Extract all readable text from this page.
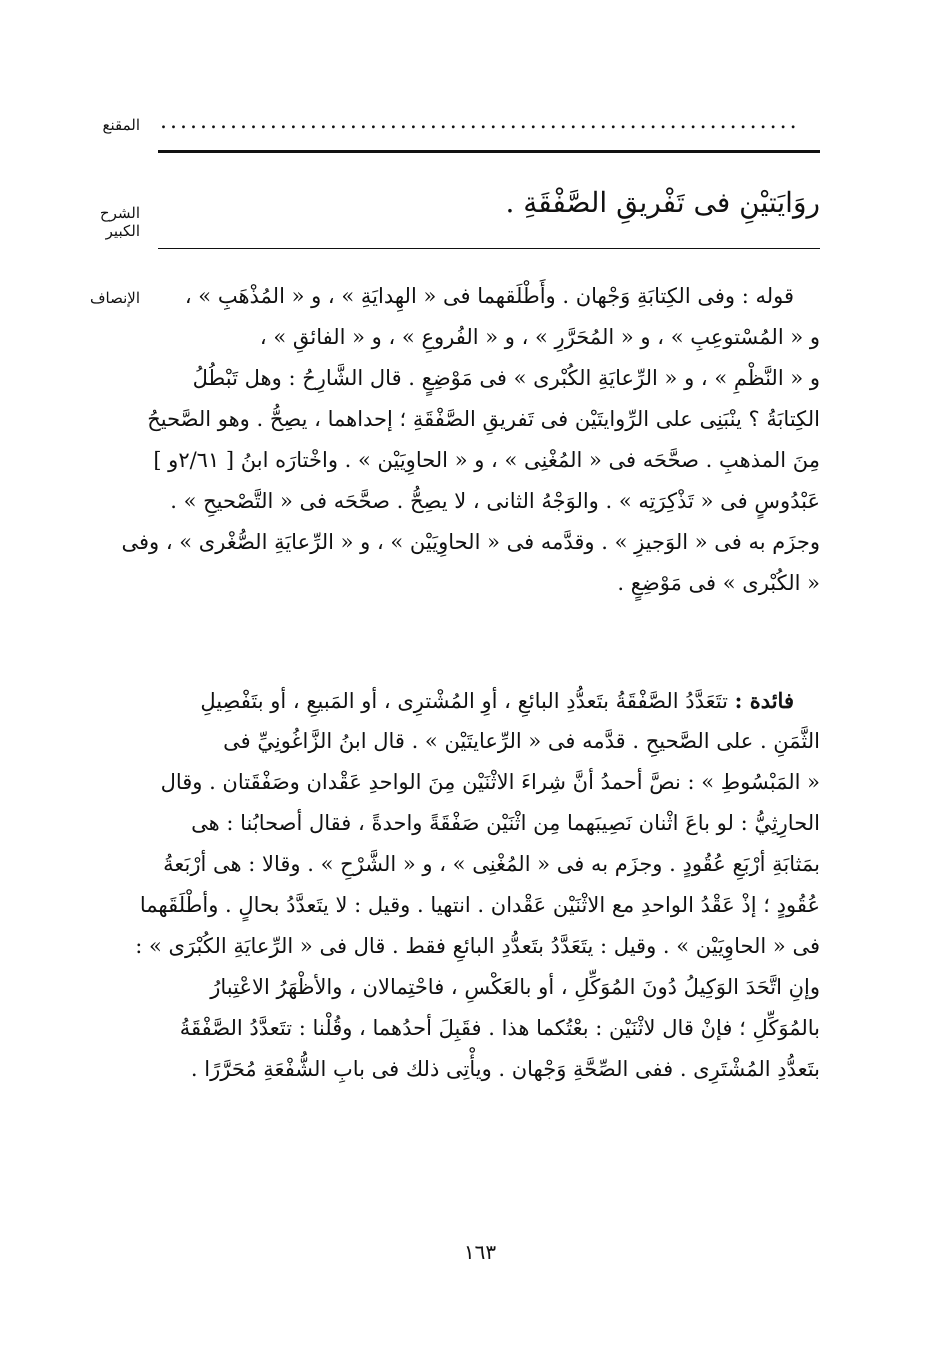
المقنع ................................................................
الشرح الكبير
روَايَتيْنِ فى تَفْريقِ الصَّفْقَةِ .
الإنصاف	قوله : وفى الكِتابَةِ وَجْهان . وأَطْلَقهما فى « الهِدايَةِ » ، و « المُذْهَبِ » ،
و « المُسْتوعِبِ » ، و « المُحَرَّرِ » ، و « الفُروعِ » ، و « الفائقِ » ،
و « النَّظْمِ » ، و « الرِّعايَةِ الكُبْرى » فى مَوْضِعٍ . قال الشَّارِحُ : وهل تَبْطُلُ
الكِتابَةُ ؟ ينْبَنِى على الرِّوايتَيْن فى تَفريقِ الصَّفْقَةِ ؛ إحداهما ، يصِحُّ . وهو الصَّحيحُ
مِنَ المذهبِ . صحَّحَه فى « المُغْنِى » ، و « الحاوِيَيْن » . واخْتارَه ابنُ [ ٢/٦١و ]
عَبْدُوسٍ فى « تَذْكِرَتِه » . والوَجْهُ الثانى ، لا يصِحُّ . صحَّحَه فى « التَّصْحيحِ » .
وجزَم به فى « الوَجيزِ » . وقدَّمه فى « الحاوِيَيْن » ، و « الرِّعايَةِ الصُّغْرى » ، وفى
« الكُبْرى » فى مَوْضِعٍ .
فائدة : تتَعَدَّدُ الصَّفْقَةُ بتَعدُّدِ البائعِ ، أوِ المُشْترِى ، أو المَبيعِ ، أو بتَفْصِيلِ
الثَّمَنِ . على الصَّحيحِ . قدَّمه فى « الرِّعايتَيْن » . قال ابنُ الزَّاغُونِيِّ فى
« المَبْسُوطِ » : نصَّ أحمدُ أنَّ شِراءَ الاثْنَيْن مِنَ الواحدِ عَقْدان وصَفْقَتان . وقال
الحارِثِيُّ : لو باعَ اثْنان نَصِيبَهما مِن اثْنَيْن صَفْقَةً واحدةً ، فقال أصحابُنا : هى
بمَثابَةِ أرْبَعِ عُقُودٍ . وجزَم به فى « المُغْنِى » ، و « الشَّرْحِ » . وقالا : هى أرْبَعةُ
عُقُودٍ ؛ إذْ عَقْدُ الواحدِ مع الاثْنَيْن عَقْدان . انتهيا . وقيل : لا يتَعدَّدُ بحالٍ . وأطْلَقَهما
فى « الحاوِيَيْن » . وقيل : يتَعَدَّدُ بتَعدُّدِ البائعِ فقط . قال فى « الرِّعايَةِ الكُبْرَى » :
وإنِ اتَّحَدَ الوَكِيلُ دُونَ المُوَكِّلِ ، أو بالعَكْسِ ، فاحْتِمالان ، والأظْهَرُ الاعْتِبارُ
بالمُوَكِّلِ ؛ فإنْ قال لاثْنَيْن : بعْتُكما هذا . فقَبِلَ أحدُهما ، وقُلْنا : تتَعدَّدُ الصَّفْقَةُ
بتَعدُّدِ المُشْتَرِى . ففى الصِّحَّةِ وَجْهان . ويأْتِى ذلك فى بابِ الشُّفْعَةِ مُحَرَّرًا .
١٦٣
